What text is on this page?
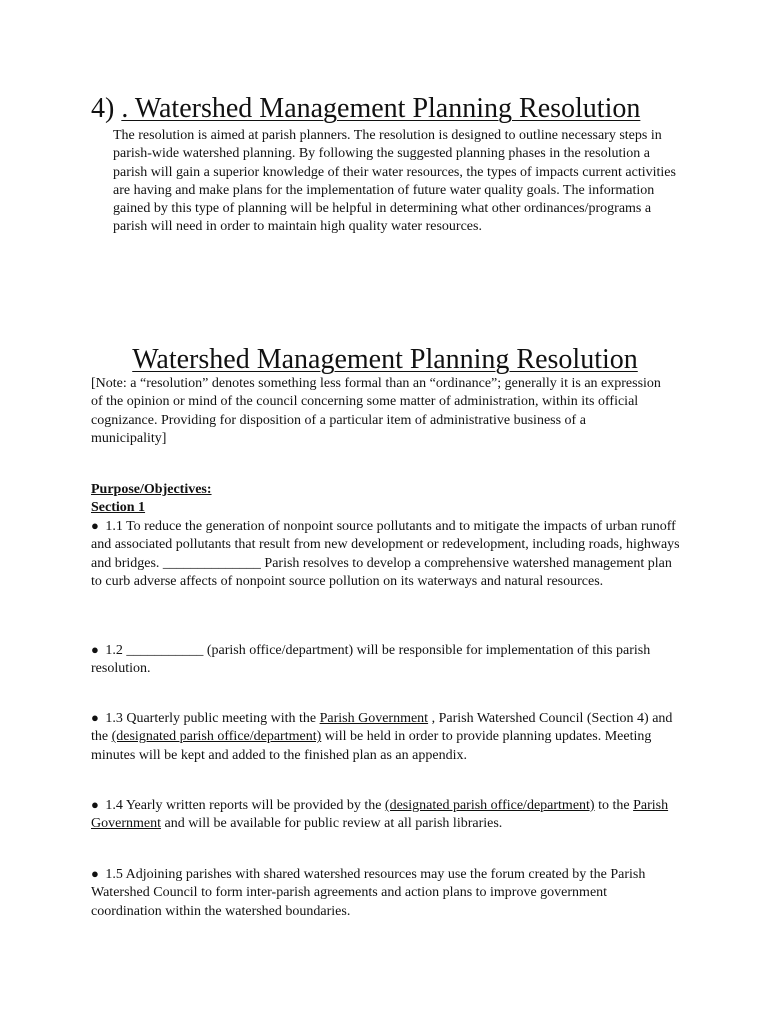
4) . Watershed Management Planning Resolution

The resolution is aimed at parish planners. The resolution is designed to outline necessary steps in parish-wide watershed planning. By following the suggested planning phases in the resolution a parish will gain a superior knowledge of their water resources, the types of impacts current activities are having and make plans for the implementation of future water quality goals. The information gained by this type of planning will be helpful in determining what other ordinances/programs a parish will need in order to maintain high quality water resources.

Watershed Management Planning Resolution

[Note: a “resolution” denotes something less formal than an “ordinance”; generally it is an expression of the opinion or mind of the council concerning some matter of administration, within its official cognizance. Providing for disposition of a particular item of administrative business of a municipality]

Purpose/Objectives:

Section 1

● 1.1 To reduce the generation of nonpoint source pollutants and to mitigate the impacts of urban runoff and associated pollutants that result from new development or redevelopment, including roads, highways and bridges. ______________ Parish resolves to develop a comprehensive watershed management plan to curb adverse affects of nonpoint source pollution on its waterways and natural resources.

● 1.2 ___________ (parish office/department) will be responsible for implementation of this parish resolution.

● 1.3 Quarterly public meeting with the Parish Government , Parish Watershed Council (Section 4) and the (designated parish office/department) will be held in order to provide planning updates. Meeting minutes will be kept and added to the finished plan as an appendix.

● 1.4 Yearly written reports will be provided by the (designated parish office/department) to the Parish Government and will be available for public review at all parish libraries.

● 1.5 Adjoining parishes with shared watershed resources may use the forum created by the Parish Watershed Council to form inter-parish agreements and action plans to improve government coordination within the watershed boundaries.
